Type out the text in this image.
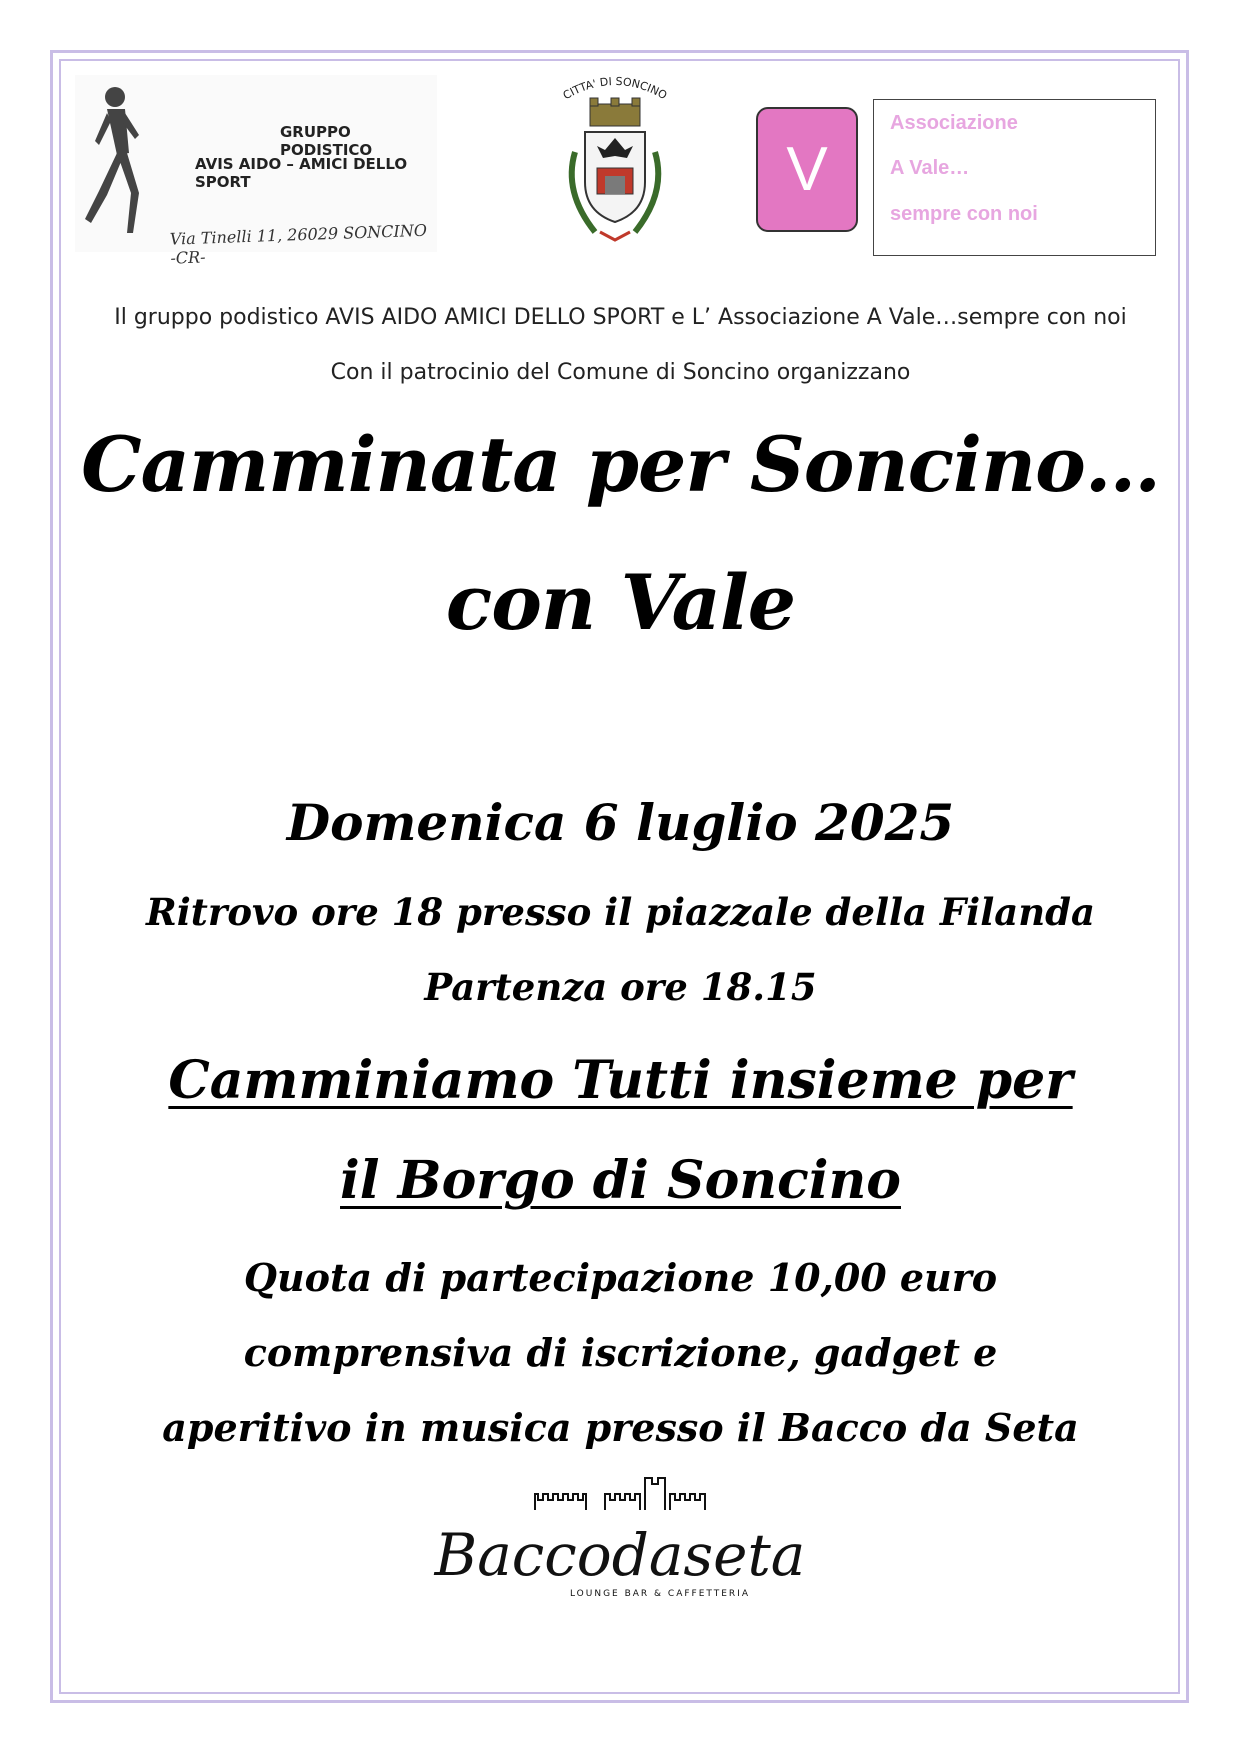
GRUPPO PODISTICO
AVIS AIDO – AMICI DELLO SPORT
Via Tinelli 11, 26029 SONCINO -CR-
CITTA' DI SONCINO
V
Associazione
A Vale…
sempre con noi
Il gruppo podistico AVIS AIDO AMICI DELLO SPORT e L’ Associazione A Vale…sempre con noi
Con il patrocinio del Comune di Soncino organizzano
Camminata per Soncino…
con Vale
Domenica 6 luglio 2025
Ritrovo ore 18 presso il piazzale della Filanda
Partenza ore 18.15
Camminiamo Tutti insieme per
il Borgo di Soncino
Quota di partecipazione 10,00 euro
comprensiva di iscrizione, gadget e
aperitivo in musica presso il Bacco da Seta
Baccodaseta
LOUNGE BAR & CAFFETTERIA
